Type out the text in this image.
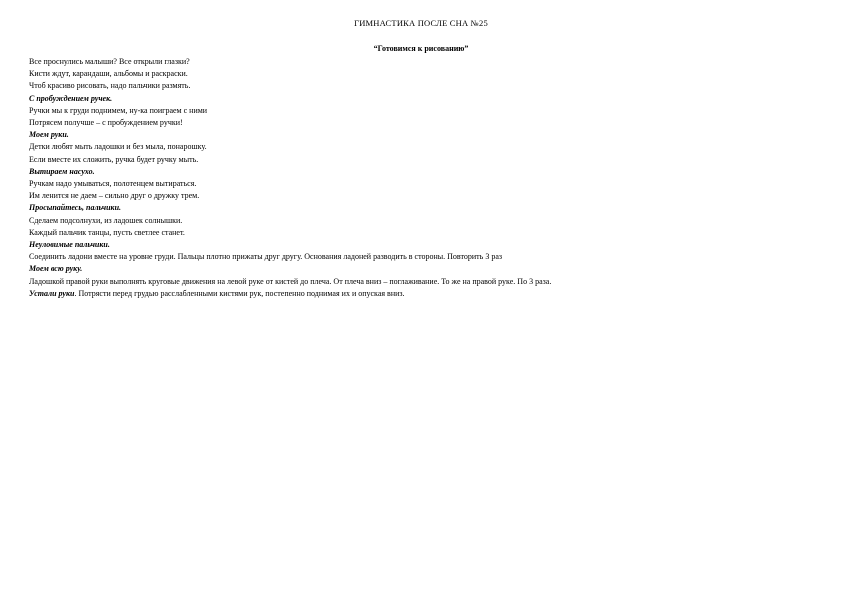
ГИМНАСТИКА ПОСЛЕ СНА №25
“Готовимся к рисованию”
Все проснулись малыши? Все открыли глазки?
Кисти ждут, карандаши, альбомы и раскраски.
Чтоб красиво рисовать, надо пальчики размять.
С пробуждением ручек.
Ручки мы к груди поднимем, ну-ка поиграем с ними
Потрясем получше – с пробуждением ручки!
Моем руки.
Детки любят мыть ладошки и без мыла, понарошку.
Если вместе их сложить, ручка будет ручку мыть.
Вытираем насухо.
Ручкам надо умываться, полотенцем вытираться.
Им ленится не даем – сильно друг о дружку трем.
Просыпайтесь, пальчики.
Сделаем подсолнухи, из ладошек солнышки.
Каждый пальчик танцы, пусть светлее станет.
Неуловимые пальчики.
Соединить ладони вместе на уровне груди. Пальцы плотно прижаты друг другу. Основания ладоней разводить в стороны. Повторить 3 раз
Моем всю руку.
Ладошкой правой руки выполнять круговые движения на левой руке от кистей до плеча. От плеча вниз – поглаживание. То же на правой руке. По 3 раза.
Устали руки. Потрясти перед грудью расслабленными кистями рук, постепенно поднимая их и опуская вниз.
